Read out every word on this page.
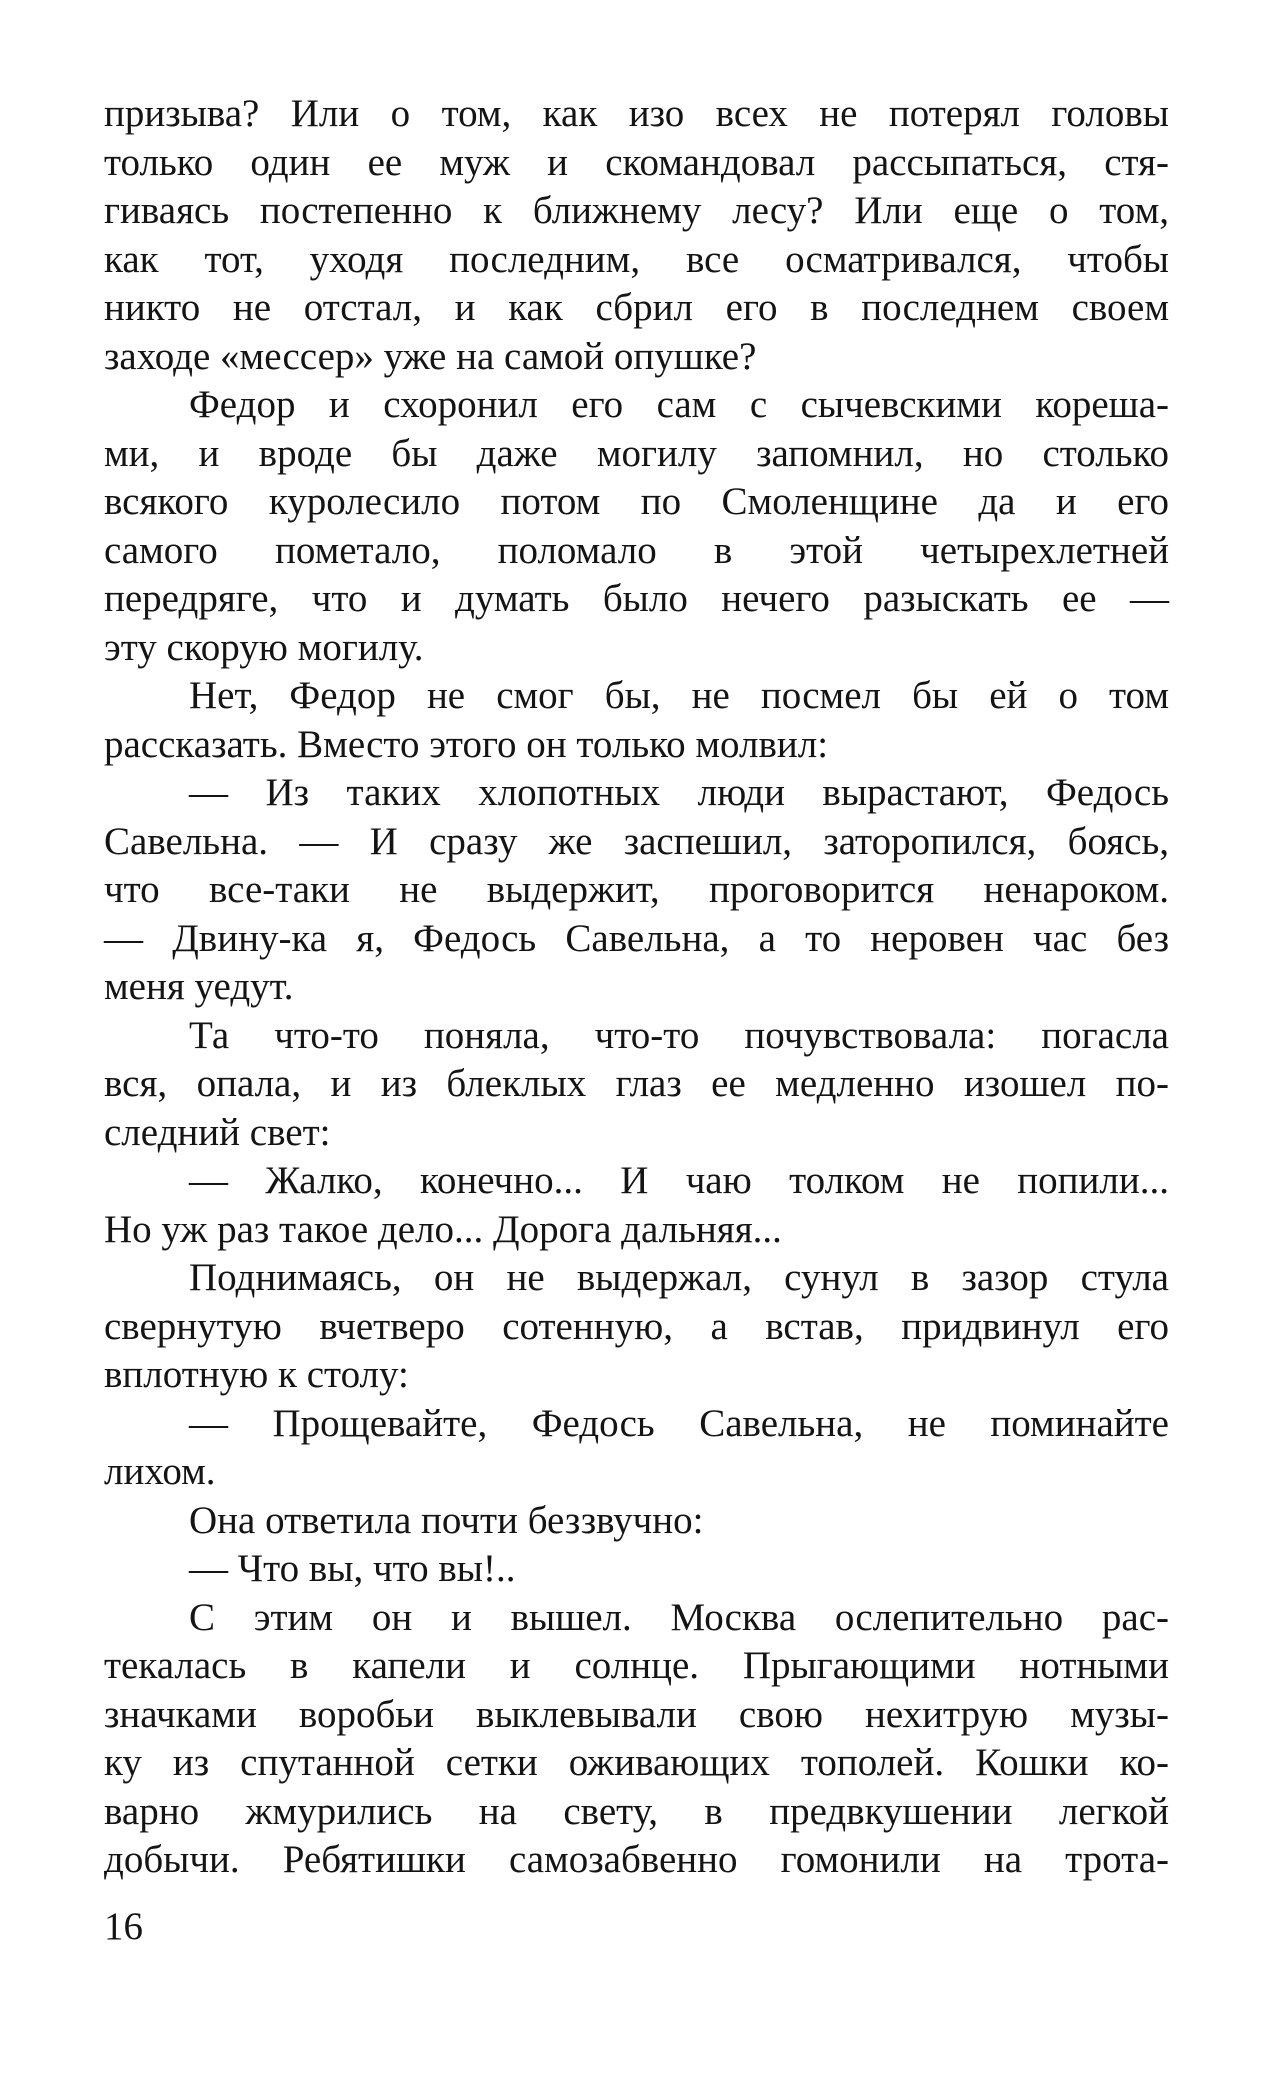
призыва? Или о том, как изо всех не потерял головы
только один ее муж и скомандовал рассыпаться, стя-
гиваясь постепенно к ближнему лесу? Или еще о том,
как тот, уходя последним, все осматривался, чтобы
никто не отстал, и как сбрил его в последнем своем
заходе «мессер» уже на самой опушке?
Федор и схоронил его сам с сычевскими кореша-
ми, и вроде бы даже могилу запомнил, но столько
всякого куролесило потом по Смоленщине да и его
самого пометало, поломало в этой четырехлетней
передряге, что и думать было нечего разыскать ее —
эту скорую могилу.
Нет, Федор не смог бы, не посмел бы ей о том
рассказать. Вместо этого он только молвил:
— Из таких хлопотных люди вырастают, Федось
Савельна. — И сразу же заспешил, заторопился, боясь,
что все-таки не выдержит, проговорится ненароком.
— Двину-ка я, Федось Савельна, а то неровен час без
меня уедут.
Та что-то поняла, что-то почувствовала: погасла
вся, опала, и из блеклых глаз ее медленно изошел по-
следний свет:
— Жалко, конечно... И чаю толком не попили...
Но уж раз такое дело... Дорога дальняя...
Поднимаясь, он не выдержал, сунул в зазор стула
свернутую вчетверо сотенную, а встав, придвинул его
вплотную к столу:
— Прощевайте, Федось Савельна, не поминайте
лихом.
Она ответила почти беззвучно:
— Что вы, что вы!..
С этим он и вышел. Москва ослепительно рас-
текалась в капели и солнце. Прыгающими нотными
значками воробьи выклевывали свою нехитрую музы-
ку из спутанной сетки оживающих тополей. Кошки ко-
варно жмурились на свету, в предвкушении легкой
добычи. Ребятишки самозабвенно гомонили на трота-
16
